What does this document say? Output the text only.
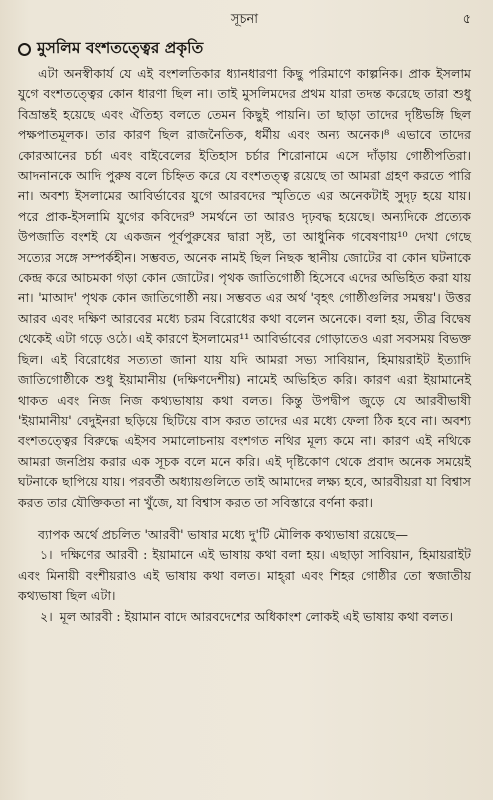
সূচনা	৫
মুসলিম বংশতত্ত্বের প্রকৃতি

এটা অনস্বীকার্য যে এই বংশলতিকার ধ্যানধারণা কিছু পরিমাণে কাল্পনিক। প্রাক ইসলাম যুগে বংশতত্ত্বের কোন ধারণা ছিল না। তাই মুসলিমদের প্রথম যারা তদন্ত করেছে তারা শুধু বিভ্রান্তই হয়েছে এবং ঐতিহ্য বলতে তেমন কিছুই পায়নি। তা ছাড়া তাদের দৃষ্টিভঙ্গি ছিল পক্ষপাতমূলক। তার কারণ ছিল রাজনৈতিক, ধর্মীয় এবং অন্য অনেক।⁸ এভাবে তাদের কোরআনের চর্চা এবং বাইবেলের ইতিহাস চর্চার শিরোনামে এসে দাঁড়ায় গোষ্ঠীপতিরা। আদনানকে আদি পুরুষ বলে চিহ্নিত করে যে বংশতত্ত্ব রয়েছে তা আমরা গ্রহণ করতে পারি না। অবশ্য ইসলামের আবির্ভাবের যুগে আরবদের স্মৃতিতে এর অনেকটাই সুদৃঢ় হয়ে যায়। পরে প্রাক-ইসলামি যুগের কবিদের⁹ সমর্থনে তা আরও দৃঢ়বদ্ধ হয়েছে। অন্যদিকে প্রত্যেক উপজাতি বংশই যে একজন পূর্বপুরুষের দ্বারা সৃষ্ট, তা আধুনিক গবেষণায়¹⁰ দেখা গেছে সত্যের সঙ্গে সম্পর্কহীন। সম্ভবত, অনেক নামই ছিল নিছক স্থানীয় জোটের বা কোন ঘটনাকে কেন্দ্র করে আচমকা গড়া কোন জোটের। পৃথক জাতিগোষ্ঠী হিসেবে এদের অভিহিত করা যায় না। 'মাআদ' পৃথক কোন জাতিগোষ্ঠী নয়। সম্ভবত এর অর্থ 'বৃহৎ গোষ্ঠীগুলির সমন্বয়'। উত্তর আরব এবং দক্ষিণ আরবের মধ্যে চরম বিরোধের কথা বলেন অনেকে। বলা হয়, তীব্র বিদ্বেষ থেকেই এটা গড়ে ওঠে। এই কারণে ইসলামের¹¹ আবির্ভাবের গোড়াতেও এরা সবসময় বিভক্ত ছিল। এই বিরোধের সত্যতা জানা যায় যদি আমরা সভ্য সাবিয়ান, হিমায়রাইট ইত্যাদি জাতিগোষ্ঠীকে শুধু ইয়ামানীয় (দক্ষিণদেশীয়) নামেই অভিহিত করি। কারণ এরা ইয়ামানেই থাকত এবং নিজ নিজ কথ্যভাষায় কথা বলত। কিন্তু উপদ্বীপ জুড়ে যে আরবীভাষী 'ইয়ামানীয়' বেদুইনরা ছড়িয়ে ছিটিয়ে বাস করত তাদের এর মধ্যে ফেলা ঠিক হবে না। অবশ্য বংশতত্ত্বের বিরুদ্ধে এইসব সমালোচনায় বংশগত নথির মূল্য কমে না। কারণ এই নথিকে আমরা জনপ্রিয় করার এক সূচক বলে মনে করি। এই দৃষ্টিকোণ থেকে প্রবাদ অনেক সময়েই ঘটনাকে ছাপিয়ে যায়। পরবর্তী অধ্যায়গুলিতে তাই আমাদের লক্ষ্য হবে, আরবীয়রা যা বিশ্বাস করত তার যৌক্তিকতা না খুঁজে, যা বিশ্বাস করত তা সবিস্তারে বর্ণনা করা।

ব্যাপক অর্থে প্রচলিত 'আরবী' ভাষার মধ্যে দু'টি মৌলিক কথ্যভাষা রয়েছে—

১। দক্ষিণের আরবী : ইয়ামানে এই ভাষায় কথা বলা হয়। এছাড়া সাবিয়ান, হিমায়রাইট এবং মিনায়ী বংশীয়রাও এই ভাষায় কথা বলত। মাহ্‌রা এবং শিহর গোষ্ঠীর তো স্বজাতীয় কথ্যভাষা ছিল এটা।
২। মূল আরবী : ইয়ামান বাদে আরবদেশের অধিকাংশ লোকই এই ভাষায় কথা বলত।
